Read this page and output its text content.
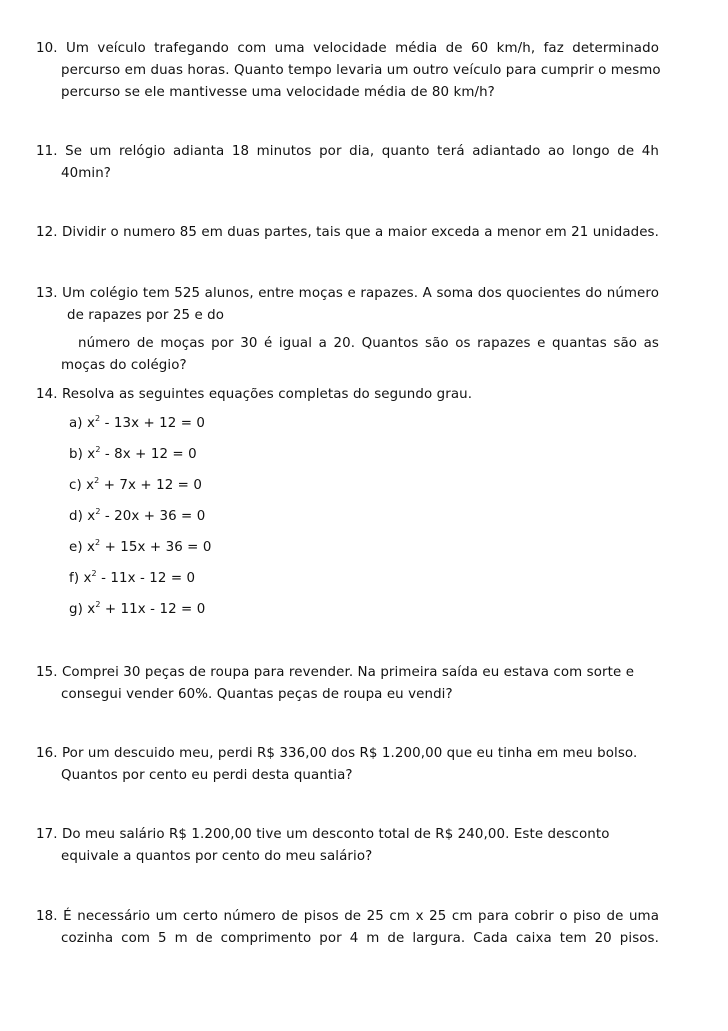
10. Um veículo trafegando com uma velocidade média de 60 km/h, faz determinado
percurso em duas horas. Quanto tempo levaria um outro veículo para cumprir o mesmo
percurso se ele mantivesse uma velocidade média de 80 km/h?
11. Se um relógio adianta 18 minutos por dia, quanto terá adiantado ao longo de 4h
40min?
12. Dividir o numero 85 em duas partes, tais que a maior exceda a menor em 21 unidades.
13. Um colégio tem 525 alunos, entre moças e rapazes. A soma dos quocientes do número
de rapazes por 25 e do
número de moças por 30 é igual a 20. Quantos são os rapazes e quantas são as
moças do colégio?
14. Resolva as seguintes equações completas do segundo grau.
a) $x^2 - 13x + 12 = 0$
b) $x^2 - 8x + 12 = 0$
c) $x^2 + 7x + 12 = 0$
d) $x^2 - 20x + 36 = 0$
e) $x^2 + 15x + 36 = 0$
f) $x^2 - 11x - 12 = 0$
g) $x^2 + 11x - 12 = 0$
15. Comprei 30 peças de roupa para revender. Na primeira saída eu estava com sorte e
consegui vender 60%. Quantas peças de roupa eu vendi?
16. Por um descuido meu, perdi R$ 336,00 dos R$ 1.200,00 que eu tinha em meu bolso.
Quantos por cento eu perdi desta quantia?
17. Do meu salário R$ 1.200,00 tive um desconto total de R$ 240,00. Este desconto
equivale a quantos por cento do meu salário?
18. É necessário um certo número de pisos de 25 cm x 25 cm para cobrir o piso de uma
cozinha com 5 m de comprimento por 4 m de largura. Cada caixa tem 20 pisos.
